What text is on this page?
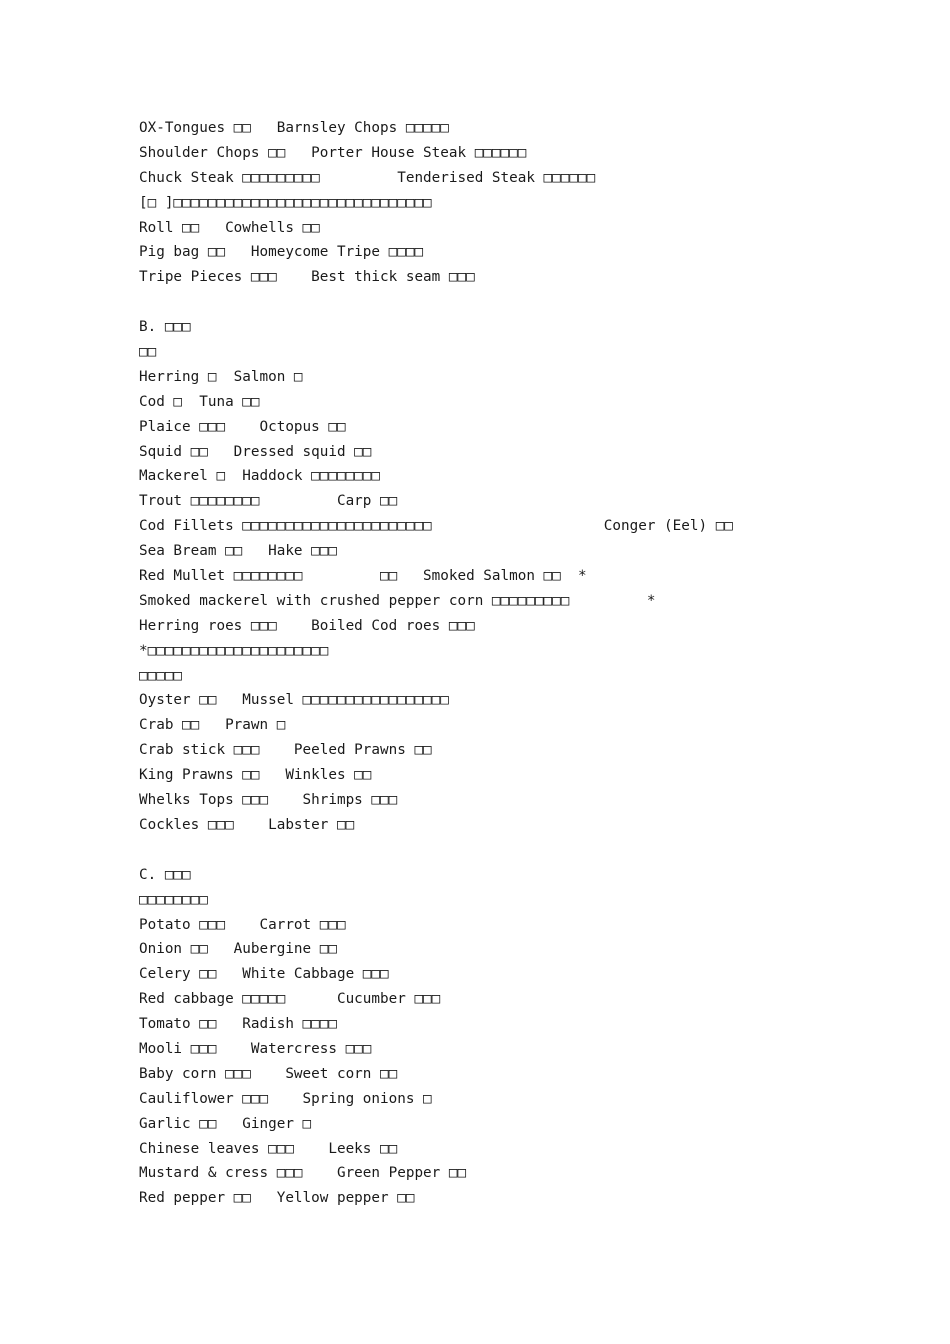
OX-Tongues □□   Barnsley Chops □□□□□
Shoulder Chops □□   Porter House Steak □□□□□□
Chuck Steak □□□□□□□□□         Tenderised Steak □□□□□□
[□ ]□□□□□□□□□□□□□□□□□□□□□□□□□□□□□□
Roll □□   Cowhells □□
Pig bag □□   Homeycome Tripe □□□□
Tripe Pieces □□□    Best thick seam □□□
B. □□□
□□
Herring □  Salmon □
Cod □  Tuna □□
Plaice □□□    Octopus □□
Squid □□   Dressed squid □□
Mackerel □  Haddock □□□□□□□□
Trout □□□□□□□□         Carp □□
Cod Fillets □□□□□□□□□□□□□□□□□□□□□□                    Conger (Eel) □□
Sea Bream □□   Hake □□□
Red Mullet □□□□□□□□         □□   Smoked Salmon □□  *
Smoked mackerel with crushed pepper corn □□□□□□□□□         *
Herring roes □□□    Boiled Cod roes □□□
*□□□□□□□□□□□□□□□□□□□□□
□□□□□
Oyster □□   Mussel □□□□□□□□□□□□□□□□□
Crab □□   Prawn □
Crab stick □□□    Peeled Prawns □□
King Prawns □□   Winkles □□
Whelks Tops □□□    Shrimps □□□
Cockles □□□    Labster □□
C. □□□
□□□□□□□□
Potato □□□    Carrot □□□
Onion □□   Aubergine □□
Celery □□   White Cabbage □□□
Red cabbage □□□□□      Cucumber □□□
Tomato □□   Radish □□□□
Mooli □□□    Watercress □□□
Baby corn □□□    Sweet corn □□
Cauliflower □□□    Spring onions □
Garlic □□   Ginger □
Chinese leaves □□□    Leeks □□
Mustard & cress □□□    Green Pepper □□
Red pepper □□   Yellow pepper □□
